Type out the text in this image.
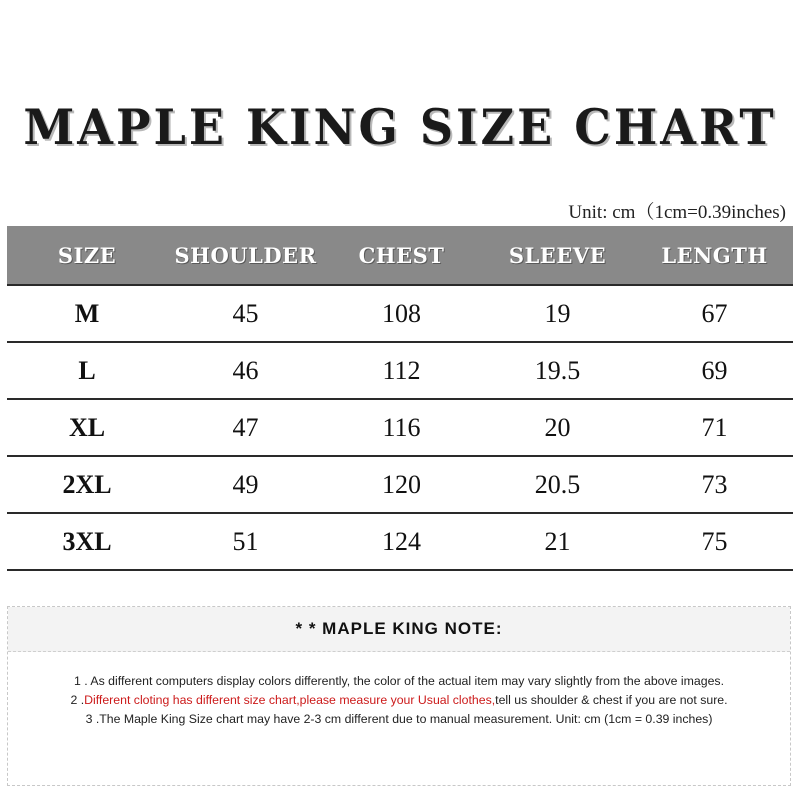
MAPLE KING SIZE CHART
Unit: cm（1cm=0.39inches)
SIZE	SHOULDER	CHEST	SLEEVE	LENGTH
M	45	108	19	67
L	46	112	19.5	69
XL	47	116	20	71
2XL	49	120	20.5	73
3XL	51	124	21	75
* * MAPLE KING NOTE:
1 . As different computers display colors differently, the color of the actual item may vary slightly from the above images.
2 .Different cloting has different size chart,please measure your Usual clothes,tell us shoulder & chest if you are not sure.
3 .The Maple King Size chart may have 2-3 cm different due to manual measurement. Unit: cm (1cm = 0.39 inches)
